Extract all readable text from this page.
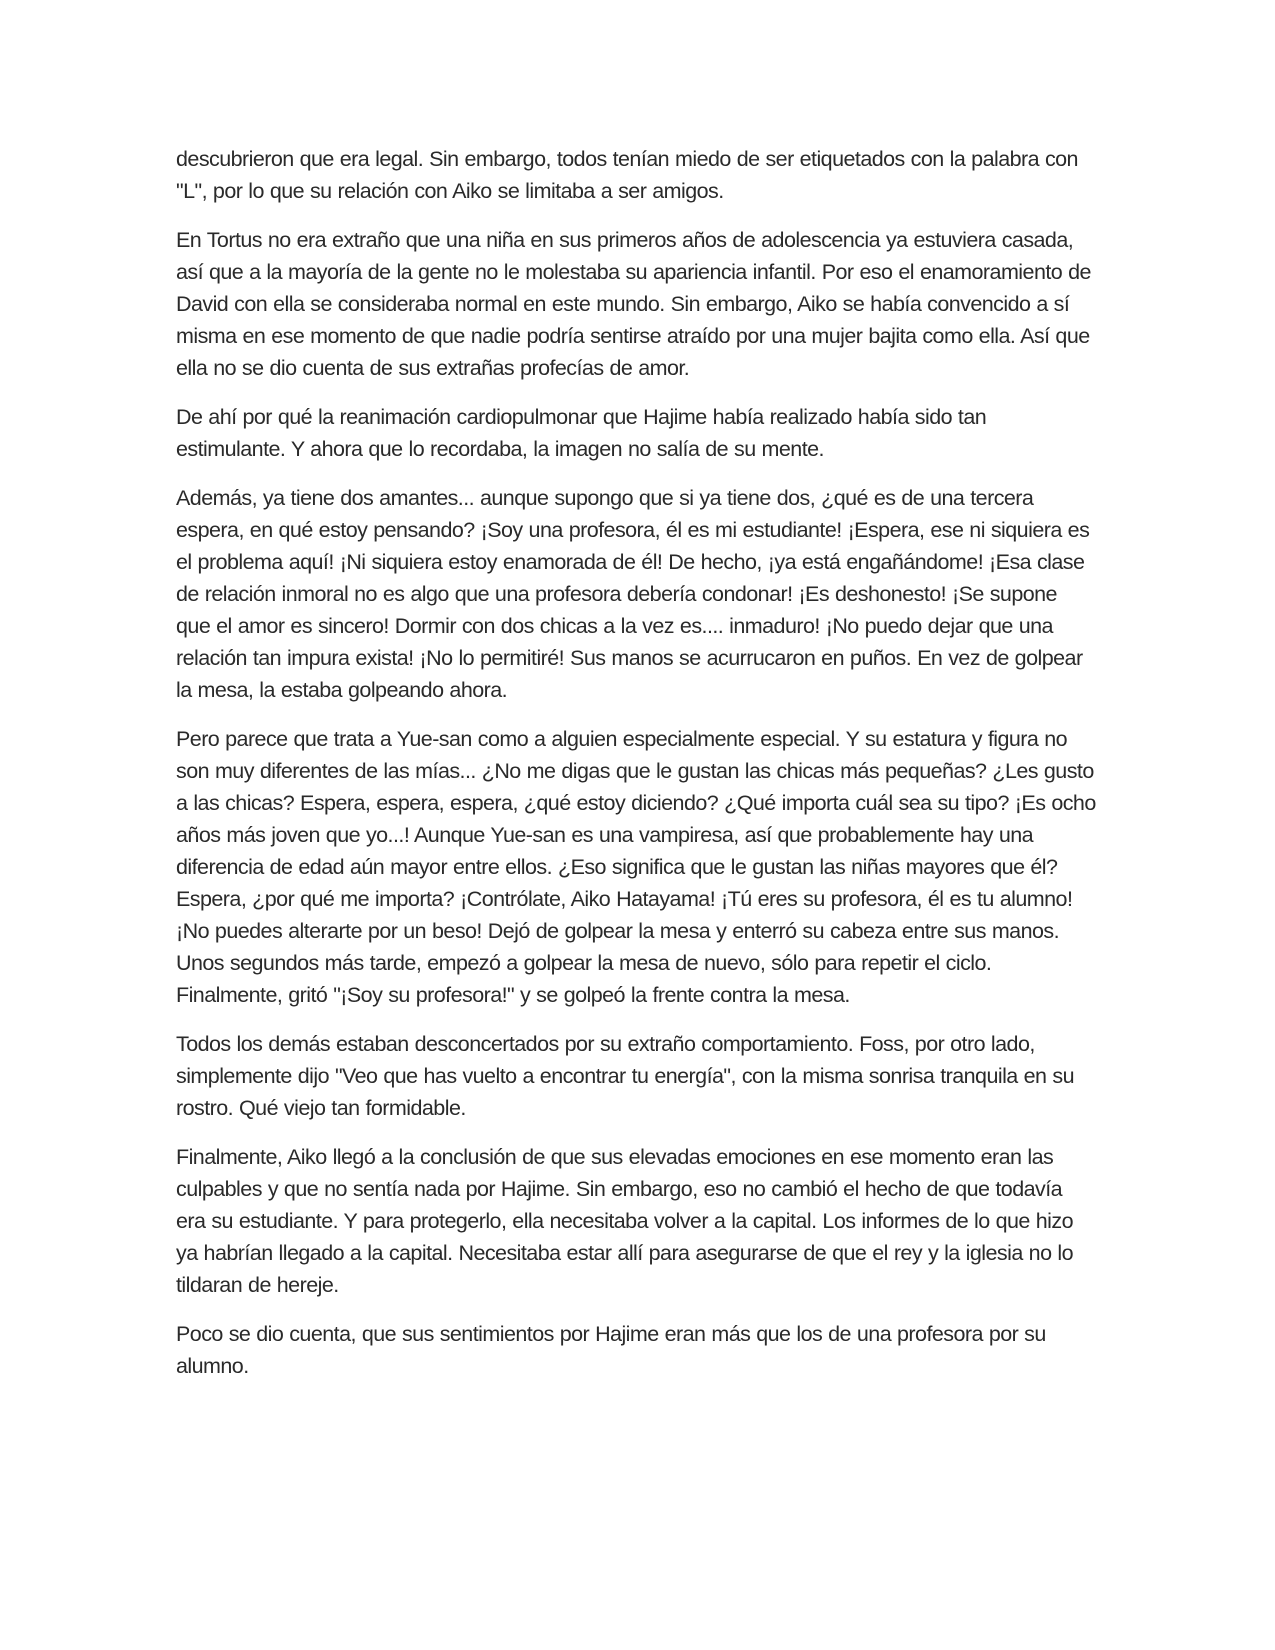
descubrieron que era legal. Sin embargo, todos tenían miedo de ser etiquetados con la palabra con "L", por lo que su relación con Aiko se limitaba a ser amigos.

En Tortus no era extraño que una niña en sus primeros años de adolescencia ya estuviera casada, así que a la mayoría de la gente no le molestaba su apariencia infantil. Por eso el enamoramiento de David con ella se consideraba normal en este mundo. Sin embargo, Aiko se había convencido a sí misma en ese momento de que nadie podría sentirse atraído por una mujer bajita como ella. Así que ella no se dio cuenta de sus extrañas profecías de amor.

De ahí por qué la reanimación cardiopulmonar que Hajime había realizado había sido tan estimulante. Y ahora que lo recordaba, la imagen no salía de su mente.

Además, ya tiene dos amantes... aunque supongo que si ya tiene dos, ¿qué es de una tercera espera, en qué estoy pensando? ¡Soy una profesora, él es mi estudiante! ¡Espera, ese ni siquiera es el problema aquí! ¡Ni siquiera estoy enamorada de él! De hecho, ¡ya está engañándome! ¡Esa clase de relación inmoral no es algo que una profesora debería condonar! ¡Es deshonesto! ¡Se supone que el amor es sincero! Dormir con dos chicas a la vez es.... inmaduro! ¡No puedo dejar que una relación tan impura exista! ¡No lo permitiré! Sus manos se acurrucaron en puños. En vez de golpear la mesa, la estaba golpeando ahora.

Pero parece que trata a Yue-san como a alguien especialmente especial. Y su estatura y figura no son muy diferentes de las mías... ¿No me digas que le gustan las chicas más pequeñas? ¿Les gusto a las chicas? Espera, espera, espera, ¿qué estoy diciendo? ¿Qué importa cuál sea su tipo? ¡Es ocho años más joven que yo...! Aunque Yue-san es una vampiresa, así que probablemente hay una diferencia de edad aún mayor entre ellos. ¿Eso significa que le gustan las niñas mayores que él? Espera, ¿por qué me importa? ¡Contrólate, Aiko Hatayama! ¡Tú eres su profesora, él es tu alumno! ¡No puedes alterarte por un beso! Dejó de golpear la mesa y enterró su cabeza entre sus manos. Unos segundos más tarde, empezó a golpear la mesa de nuevo, sólo para repetir el ciclo. Finalmente, gritó "¡Soy su profesora!" y se golpeó la frente contra la mesa.

Todos los demás estaban desconcertados por su extraño comportamiento. Foss, por otro lado, simplemente dijo "Veo que has vuelto a encontrar tu energía", con la misma sonrisa tranquila en su rostro. Qué viejo tan formidable.

Finalmente, Aiko llegó a la conclusión de que sus elevadas emociones en ese momento eran las culpables y que no sentía nada por Hajime. Sin embargo, eso no cambió el hecho de que todavía era su estudiante. Y para protegerlo, ella necesitaba volver a la capital. Los informes de lo que hizo ya habrían llegado a la capital. Necesitaba estar allí para asegurarse de que el rey y la iglesia no lo tildaran de hereje.

Poco se dio cuenta, que sus sentimientos por Hajime eran más que los de una profesora por su alumno.
